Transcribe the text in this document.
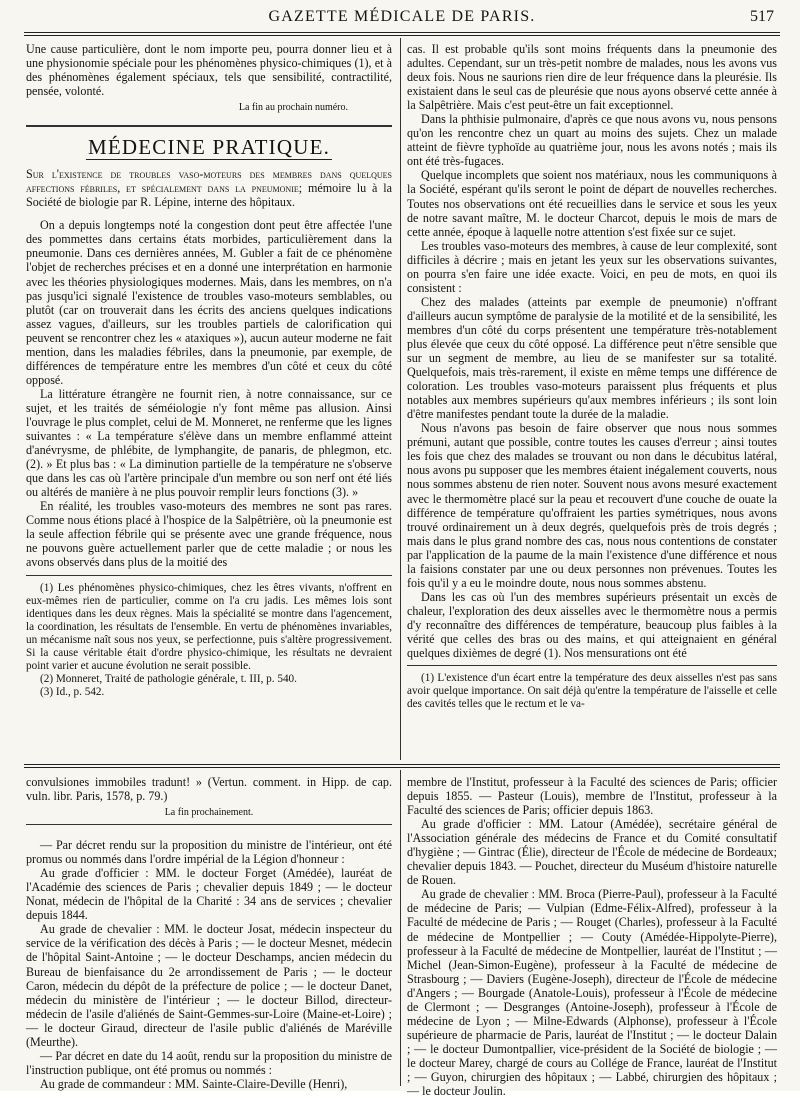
GAZETTE MÉDICALE DE PARIS.	517

Une cause particulière, dont le nom importe peu, pourra donner lieu et à une physionomie spéciale pour les phénomènes physico-chimiques (1), et à des phénomènes également spéciaux, tels que sensibilité, contractilité, pensée, volonté.

La fin au prochain numéro.
MÉDECINE PRATIQUE.

Sur l'existence de troubles vaso-moteurs des membres dans quelques affections fébriles, et spécialement dans la pneumonie; mémoire lu à la Société de biologie par R. Lépine, interne des hôpitaux.

On a depuis longtemps noté la congestion dont peut être affectée l'une des pommettes dans certains états morbides, particulièrement dans la pneumonie. Dans ces dernières années, M. Gubler a fait de ce phénomène l'objet de recherches précises et en a donné une interprétation en harmonie avec les théories physiologiques modernes. Mais, dans les membres, on n'a pas jusqu'ici signalé l'existence de troubles vaso-moteurs semblables, ou plutôt (car on trouverait dans les écrits des anciens quelques indications assez vagues, d'ailleurs, sur les troubles partiels de calorification qui peuvent se rencontrer chez les « ataxiques »), aucun auteur moderne ne fait mention, dans les maladies fébriles, dans la pneumonie, par exemple, de différences de température entre les membres d'un côté et ceux du côté opposé.

La littérature étrangère ne fournit rien, à notre connaissance, sur ce sujet, et les traités de séméiologie n'y font même pas allusion. Ainsi l'ouvrage le plus complet, celui de M. Monneret, ne renferme que les lignes suivantes : « La température s'élève dans un membre enflammé atteint d'anévrysme, de phlébite, de lymphangite, de panaris, de phlegmon, etc. (2). » Et plus bas : « La diminution partielle de la température ne s'observe que dans les cas où l'artère principale d'un membre ou son nerf ont été liés ou altérés de manière à ne plus pouvoir remplir leurs fonctions (3). »

En réalité, les troubles vaso-moteurs des membres ne sont pas rares. Comme nous étions placé à l'hospice de la Salpêtrière, où la pneumonie est la seule affection fébrile qui se présente avec une grande fréquence, nous ne pouvons guère actuellement parler que de cette maladie ; or nous les avons observés dans plus de la moitié des

(1) Les phénomènes physico-chimiques, chez les êtres vivants, n'offrent en eux-mêmes rien de particulier, comme on l'a cru jadis. Les mêmes lois sont identiques dans les deux règnes. Mais la spécialité se montre dans l'agencement, la coordination, les résultats de l'ensemble. En vertu de phénomènes invariables, un mécanisme naît sous nos yeux, se perfectionne, puis s'altère progressivement. Si la cause véritable était d'ordre physico-chimique, les résultats ne devraient point varier et aucune évolution ne serait possible.

(2) Monneret, Traité de pathologie générale, t. III, p. 540.

(3) Id., p. 542.

cas. Il est probable qu'ils sont moins fréquents dans la pneumonie des adultes. Cependant, sur un très-petit nombre de malades, nous les avons vus deux fois. Nous ne saurions rien dire de leur fréquence dans la pleurésie. Ils existaient dans le seul cas de pleurésie que nous ayons observé cette année à la Salpêtrière. Mais c'est peut-être un fait exceptionnel.

Dans la phthisie pulmonaire, d'après ce que nous avons vu, nous pensons qu'on les rencontre chez un quart au moins des sujets. Chez un malade atteint de fièvre typhoïde au quatrième jour, nous les avons notés ; mais ils ont été très-fugaces.

Quelque incomplets que soient nos matériaux, nous les communiquons à la Société, espérant qu'ils seront le point de départ de nouvelles recherches. Toutes nos observations ont été recueillies dans le service et sous les yeux de notre savant maître, M. le docteur Charcot, depuis le mois de mars de cette année, époque à laquelle notre attention s'est fixée sur ce sujet.

Les troubles vaso-moteurs des membres, à cause de leur complexité, sont difficiles à décrire ; mais en jetant les yeux sur les observations suivantes, on pourra s'en faire une idée exacte. Voici, en peu de mots, en quoi ils consistent :

Chez des malades (atteints par exemple de pneumonie) n'offrant d'ailleurs aucun symptôme de paralysie de la motilité et de la sensibilité, les membres d'un côté du corps présentent une température très-notablement plus élevée que ceux du côté opposé. La différence peut n'être sensible que sur un segment de membre, au lieu de se manifester sur sa totalité. Quelquefois, mais très-rarement, il existe en même temps une différence de coloration. Les troubles vaso-moteurs paraissent plus fréquents et plus notables aux membres supérieurs qu'aux membres inférieurs ; ils sont loin d'être manifestes pendant toute la durée de la maladie.

Nous n'avons pas besoin de faire observer que nous nous sommes prémuni, autant que possible, contre toutes les causes d'erreur ; ainsi toutes les fois que chez des malades se trouvant ou non dans le décubitus latéral, nous avons pu supposer que les membres étaient inégalement couverts, nous nous sommes abstenu de rien noter. Souvent nous avons mesuré exactement avec le thermomètre placé sur la peau et recouvert d'une couche de ouate la différence de température qu'offraient les parties symétriques, nous avons trouvé ordinairement un à deux degrés, quelquefois près de trois degrés ; mais dans le plus grand nombre des cas, nous nous contentions de constater par l'application de la paume de la main l'existence d'une différence et nous la faisions constater par une ou deux personnes non prévenues. Toutes les fois qu'il y a eu le moindre doute, nous nous sommes abstenu.

Dans les cas où l'un des membres supérieurs présentait un excès de chaleur, l'exploration des deux aisselles avec le thermomètre nous a permis d'y reconnaître des différences de température, beaucoup plus faibles à la vérité que celles des bras ou des mains, et qui atteignaient en général quelques dixièmes de degré (1). Nos mensurations ont été

(1) L'existence d'un écart entre la température des deux aisselles n'est pas sans avoir quelque importance. On sait déjà qu'entre la température de l'aisselle et celle des cavités telles que le rectum et le va-

convulsiones immobiles tradunt! » (Vertun. comment. in Hipp. de cap. vuln. libr. Paris, 1578, p. 79.)

La fin prochainement.

— Par décret rendu sur la proposition du ministre de l'intérieur, ont été promus ou nommés dans l'ordre impérial de la Légion d'honneur :

Au grade d'officier : MM. le docteur Forget (Amédée), lauréat de l'Académie des sciences de Paris ; chevalier depuis 1849 ; — le docteur Nonat, médecin de l'hôpital de la Charité : 34 ans de services ; chevalier depuis 1844.

Au grade de chevalier : MM. le docteur Josat, médecin inspecteur du service de la vérification des décès à Paris ; — le docteur Mesnet, médecin de l'hôpital Saint-Antoine ; — le docteur Deschamps, ancien médecin du Bureau de bienfaisance du 2e arrondissement de Paris ; — le docteur Caron, médecin du dépôt de la préfecture de police ; — le docteur Danet, médecin du ministère de l'intérieur ; — le docteur Billod, directeur-médecin de l'asile d'aliénés de Saint-Gemmes-sur-Loire (Maine-et-Loire) ; — le docteur Giraud, directeur de l'asile public d'aliénés de Maréville (Meurthe).

— Par décret en date du 14 août, rendu sur la proposition du ministre de l'instruction publique, ont été promus ou nommés :

Au grade de commandeur : MM. Sainte-Claire-Deville (Henri),

membre de l'Institut, professeur à la Faculté des sciences de Paris; officier depuis 1855. — Pasteur (Louis), membre de l'Institut, professeur à la Faculté des sciences de Paris; officier depuis 1863.

Au grade d'officier : MM. Latour (Amédée), secrétaire général de l'Association générale des médecins de France et du Comité consultatif d'hygiène ; — Gintrac (Élie), directeur de l'École de médecine de Bordeaux; chevalier depuis 1843. — Pouchet, directeur du Muséum d'histoire naturelle de Rouen.

Au grade de chevalier : MM. Broca (Pierre-Paul), professeur à la Faculté de médecine de Paris; — Vulpian (Edme-Félix-Alfred), professeur à la Faculté de médecine de Paris ; — Rouget (Charles), professeur à la Faculté de médecine de Montpellier ; — Couty (Amédée-Hippolyte-Pierre), professeur à la Faculté de médecine de Montpellier, lauréat de l'Institut ; — Michel (Jean-Simon-Eugène), professeur à la Faculté de médecine de Strasbourg ; — Daviers (Eugène-Joseph), directeur de l'École de médecine d'Angers ; — Bourgade (Anatole-Louis), professeur à l'École de médecine de Clermont ; — Desgranges (Antoine-Joseph), professeur à l'École de médecine de Lyon ; — Milne-Edwards (Alphonse), professeur à l'École supérieure de pharmacie de Paris, lauréat de l'Institut ; — le docteur Dalain ; — le docteur Dumontpallier, vice-président de la Société de biologie ; — le docteur Marey, chargé de cours au Collége de France, lauréat de l'Institut ; — Guyon, chirurgien des hôpitaux ; — Labbé, chirurgien des hôpitaux ; — le docteur Joulin.
